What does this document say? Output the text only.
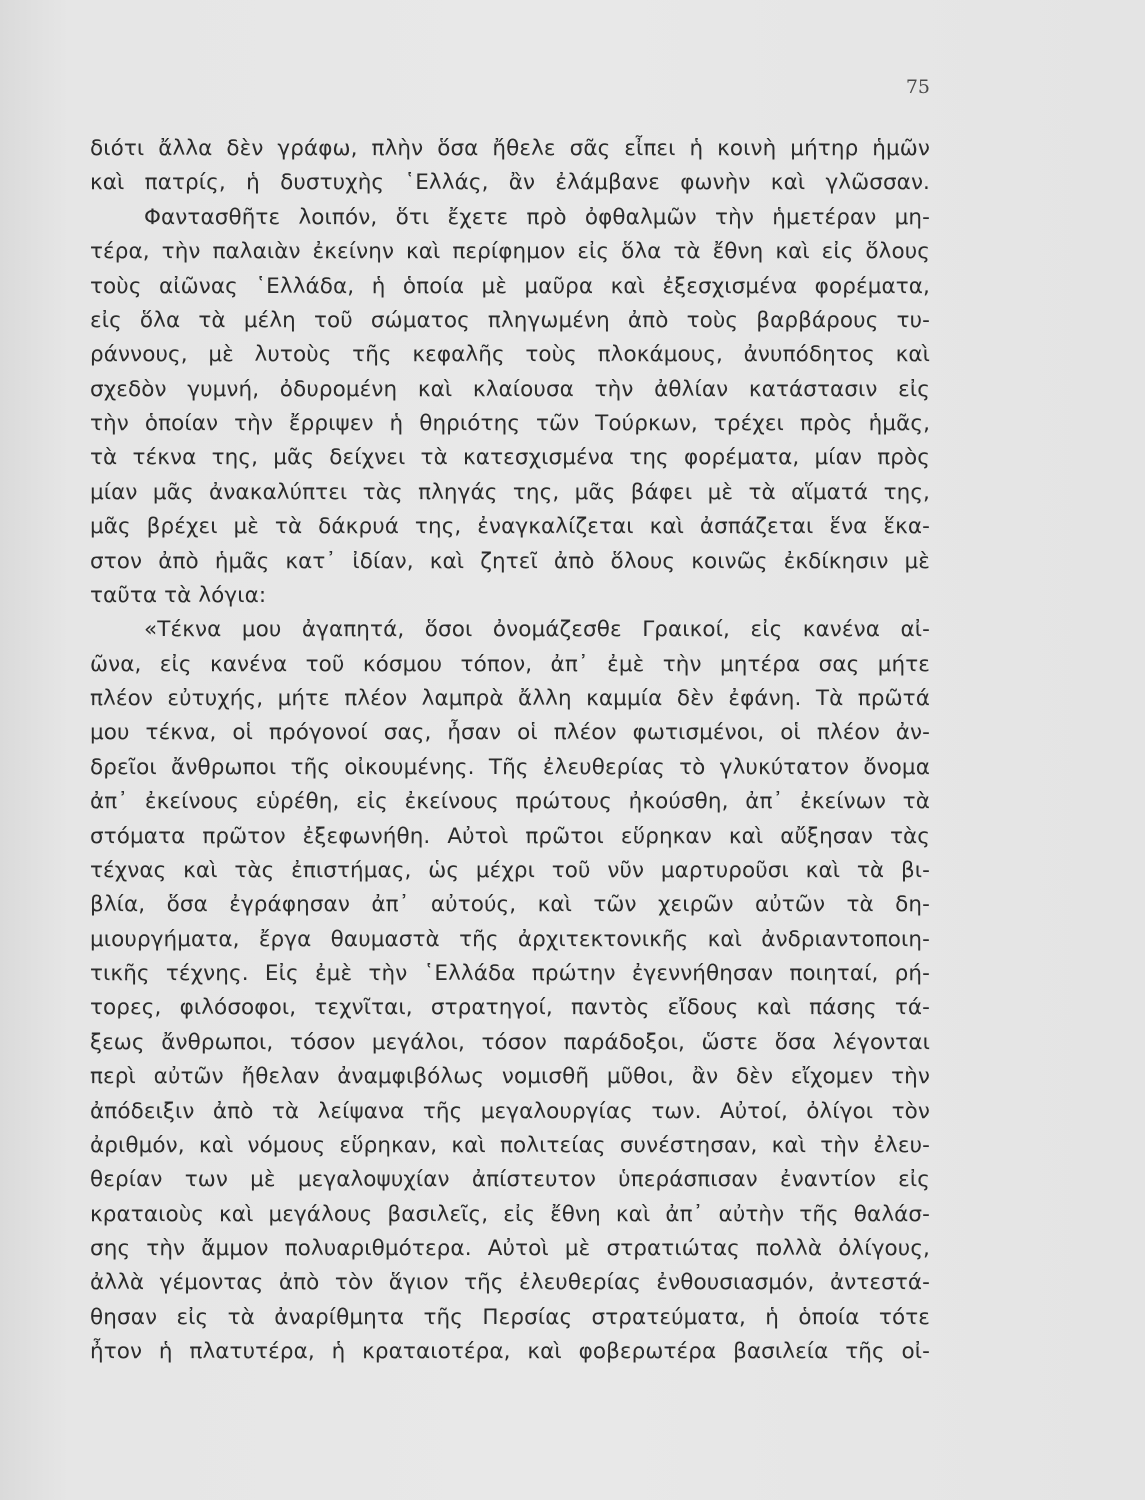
75
διότι ἄλλα δὲν γράφω, πλὴν ὅσα ἤθελε σᾶς εἶπει ἡ κοινὴ μήτηρ ἡμῶν
καὶ πατρίς, ἡ δυστυχὴς ῾Ελλάς, ἂν ἐλάμβανε φωνὴν καὶ γλῶσσαν.
Φαντασθῆτε λοιπόν, ὅτι ἔχετε πρὸ ὀφθαλμῶν τὴν ἡμετέραν μη-
τέρα, τὴν παλαιὰν ἐκείνην καὶ περίφημον εἰς ὅλα τὰ ἔθνη καὶ εἰς ὅλους
τοὺς αἰῶνας ῾Ελλάδα, ἡ ὁποία μὲ μαῦρα καὶ ἐξεσχισμένα φορέματα,
εἰς ὅλα τὰ μέλη τοῦ σώματος πληγωμένη ἀπὸ τοὺς βαρβάρους τυ-
ράννους, μὲ λυτοὺς τῆς κεφαλῆς τοὺς πλοκάμους, ἀνυπόδητος καὶ
σχεδὸν γυμνή, ὀδυρομένη καὶ κλαίουσα τὴν ἀθλίαν κατάστασιν εἰς
τὴν ὁποίαν τὴν ἔρριψεν ἡ θηριότης τῶν Τούρκων, τρέχει πρὸς ἡμᾶς,
τὰ τέκνα της, μᾶς δείχνει τὰ κατεσχισμένα της φορέματα, μίαν πρὸς
μίαν μᾶς ἀνακαλύπτει τὰς πληγάς της, μᾶς βάφει μὲ τὰ αἵματά της,
μᾶς βρέχει μὲ τὰ δάκρυά της, ἐναγκαλίζεται καὶ ἀσπάζεται ἕνα ἕκα-
στον ἀπὸ ἡμᾶς κατ᾽ ἰδίαν, καὶ ζητεῖ ἀπὸ ὅλους κοινῶς ἐκδίκησιν μὲ
ταῦτα τὰ λόγια:
«Τέκνα μου ἀγαπητά, ὅσοι ὀνομάζεσθε Γραικοί, εἰς κανένα αἰ-
ῶνα, εἰς κανένα τοῦ κόσμου τόπον, ἀπ᾽ ἐμὲ τὴν μητέρα σας μήτε
πλέον εὐτυχής, μήτε πλέον λαμπρὰ ἄλλη καμμία δὲν ἐφάνη. Τὰ πρῶτά
μου τέκνα, οἱ πρόγονοί σας, ἦσαν οἱ πλέον φωτισμένοι, οἱ πλέον ἀν-
δρεῖοι ἄνθρωποι τῆς οἰκουμένης. Τῆς ἐλευθερίας τὸ γλυκύτατον ὄνομα
ἀπ᾽ ἐκείνους εὑρέθη, εἰς ἐκείνους πρώτους ἠκούσθη, ἀπ᾽ ἐκείνων τὰ
στόματα πρῶτον ἐξεφωνήθη. Αὐτοὶ πρῶτοι εὕρηκαν καὶ αὔξησαν τὰς
τέχνας καὶ τὰς ἐπιστήμας, ὡς μέχρι τοῦ νῦν μαρτυροῦσι καὶ τὰ βι-
βλία, ὅσα ἐγράφησαν ἀπ᾽ αὐτούς, καὶ τῶν χειρῶν αὐτῶν τὰ δη-
μιουργήματα, ἔργα θαυμαστὰ τῆς ἀρχιτεκτονικῆς καὶ ἀνδριαντοποιη-
τικῆς τέχνης. Εἰς ἐμὲ τὴν ῾Ελλάδα πρώτην ἐγεννήθησαν ποιηταί, ρή-
τορες, φιλόσοφοι, τεχνῖται, στρατηγοί, παντὸς εἴδους καὶ πάσης τά-
ξεως ἄνθρωποι, τόσον μεγάλοι, τόσον παράδοξοι, ὥστε ὅσα λέγονται
περὶ αὐτῶν ἤθελαν ἀναμφιβόλως νομισθῆ μῦθοι, ἂν δὲν εἴχομεν τὴν
ἀπόδειξιν ἀπὸ τὰ λείψανα τῆς μεγαλουργίας των. Αὐτοί, ὀλίγοι τὸν
ἀριθμόν, καὶ νόμους εὕρηκαν, καὶ πολιτείας συνέστησαν, καὶ τὴν ἐλευ-
θερίαν των μὲ μεγαλοψυχίαν ἀπίστευτον ὑπεράσπισαν ἐναντίον εἰς
κραταιοὺς καὶ μεγάλους βασιλεῖς, εἰς ἔθνη καὶ ἀπ᾽ αὐτὴν τῆς θαλάσ-
σης τὴν ἄμμον πολυαριθμότερα. Αὐτοὶ μὲ στρατιώτας πολλὰ ὀλίγους,
ἀλλὰ γέμοντας ἀπὸ τὸν ἅγιον τῆς ἐλευθερίας ἐνθουσιασμόν, ἀντεστά-
θησαν εἰς τὰ ἀναρίθμητα τῆς Περσίας στρατεύματα, ἡ ὁποία τότε
ἦτον ἡ πλατυτέρα, ἡ κραταιοτέρα, καὶ φοβερωτέρα βασιλεία τῆς οἰ-
